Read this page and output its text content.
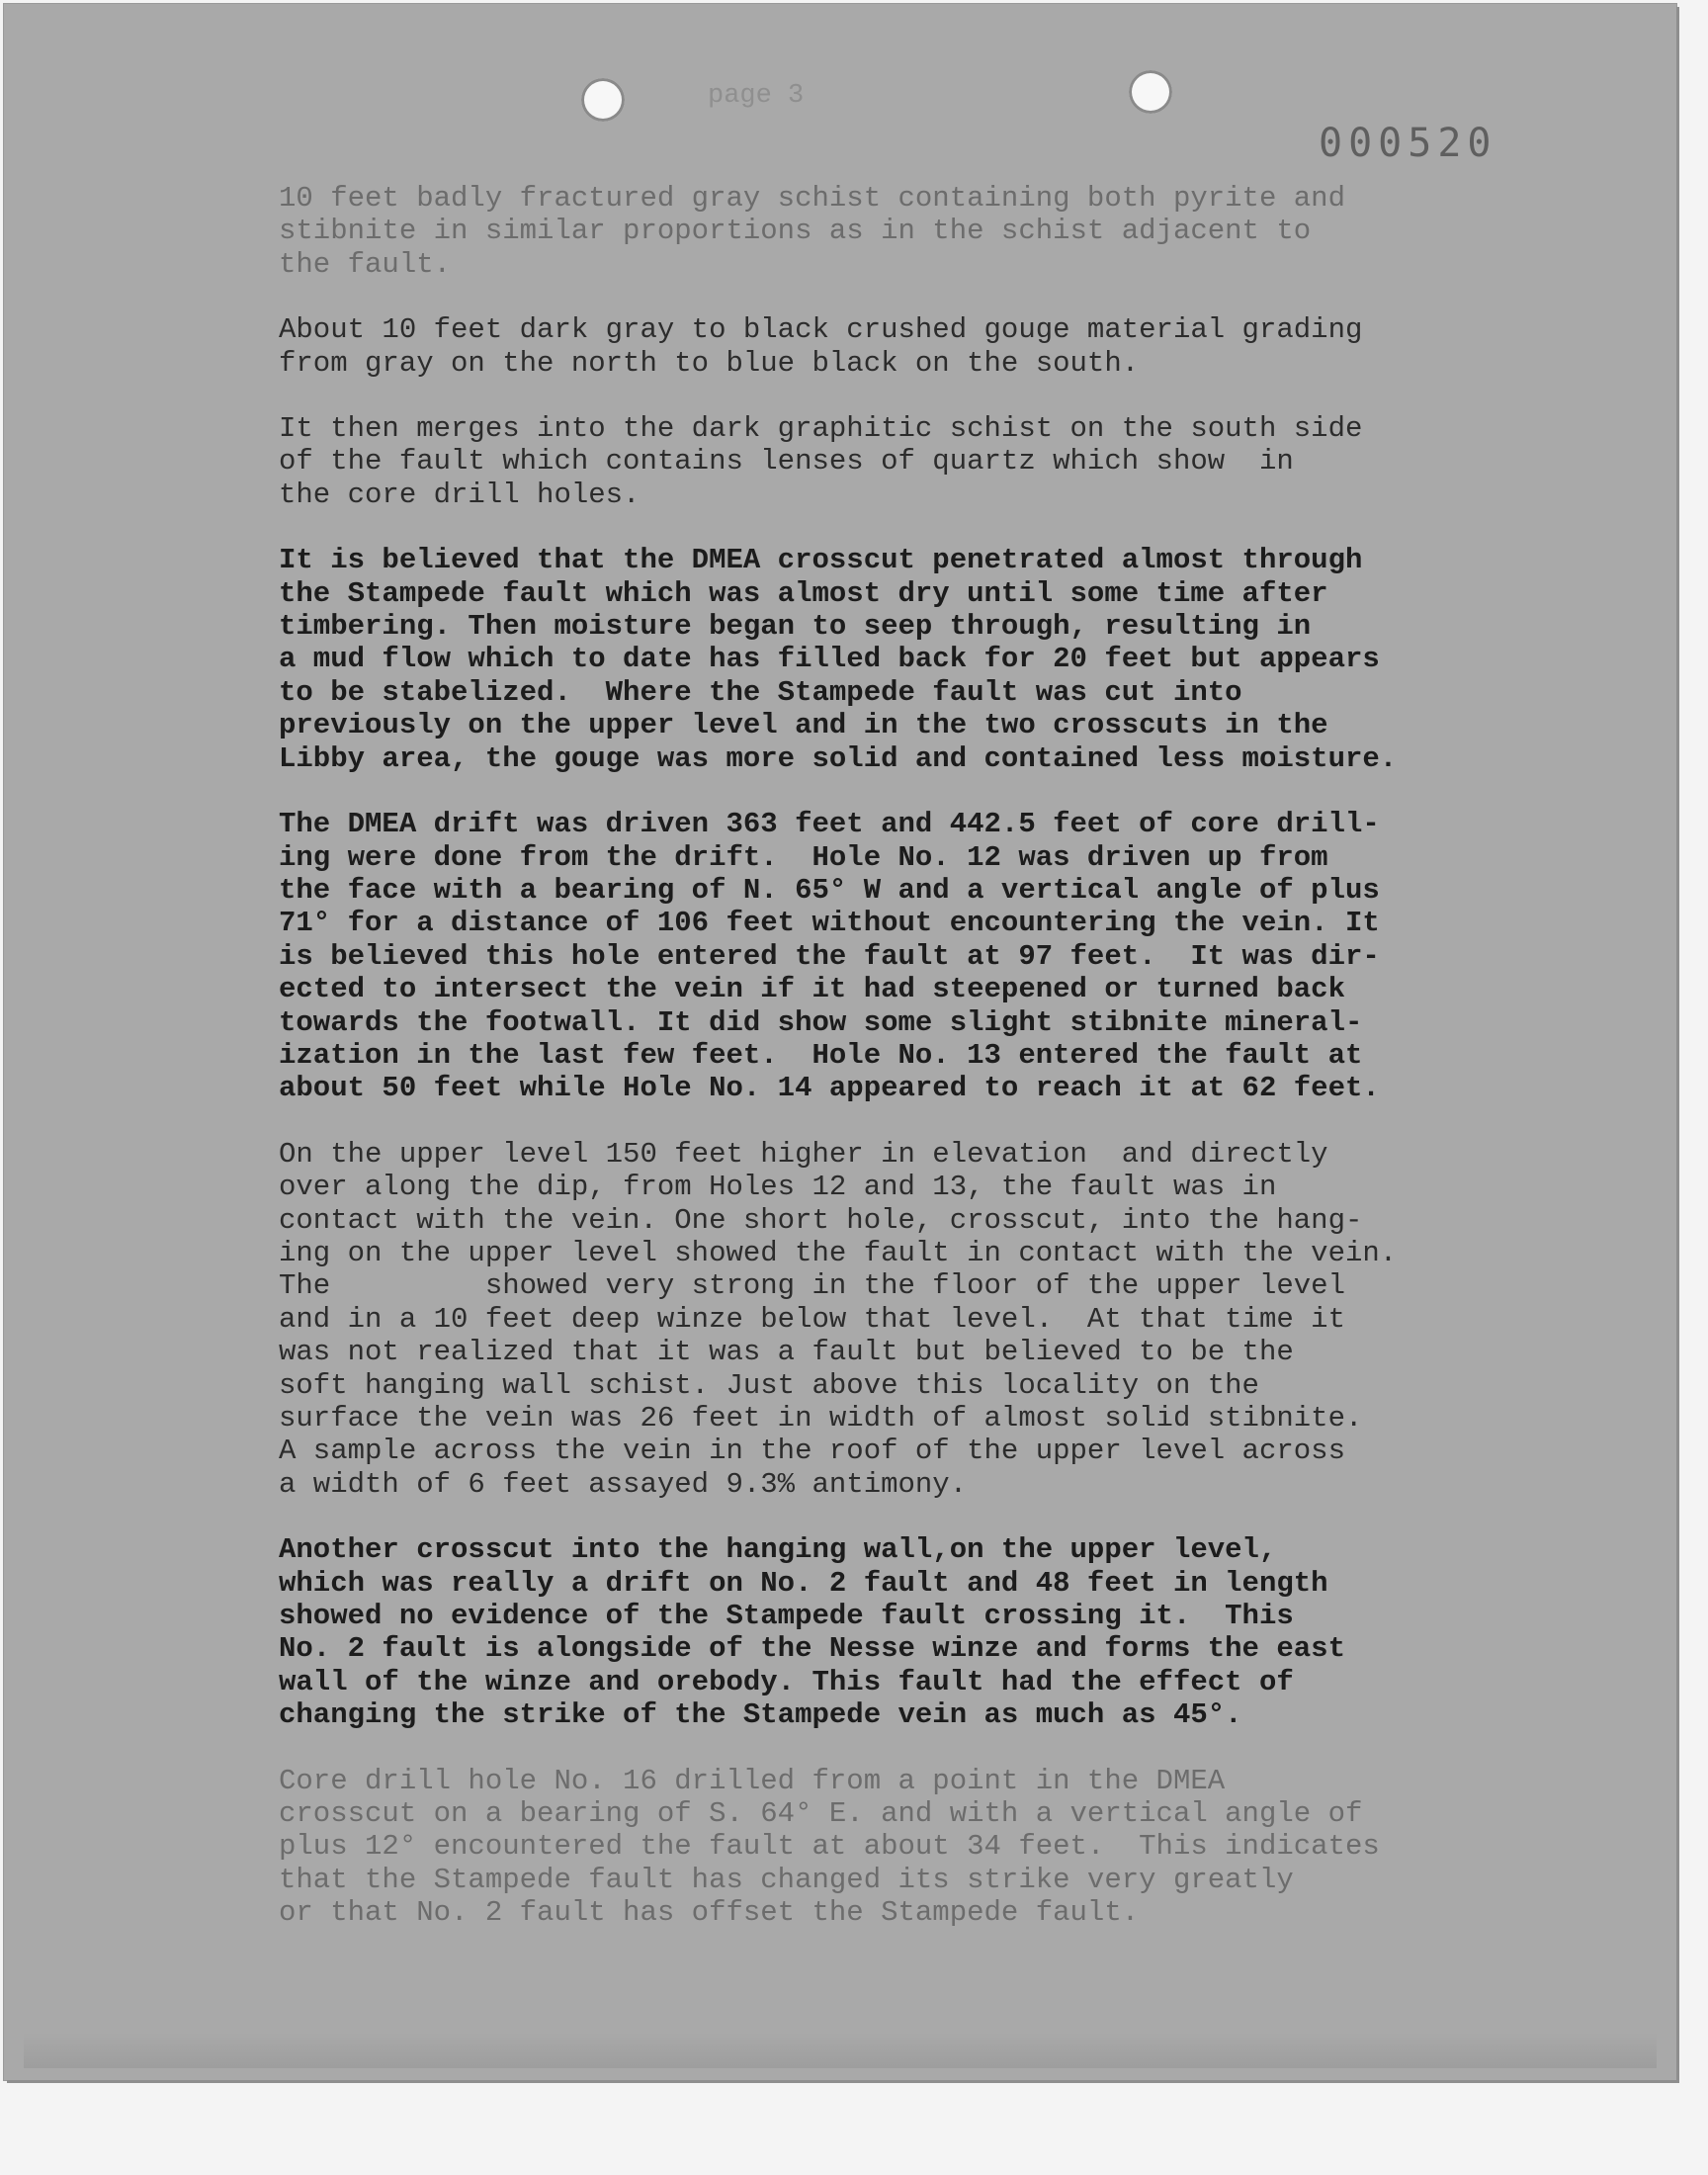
page 3
000520
10 feet badly fractured gray schist containing both pyrite and
stibnite in similar proportions as in the schist adjacent to
the fault.
About 10 feet dark gray to black crushed gouge material grading
from gray on the north to blue black on the south.
It then merges into the dark graphitic schist on the south side
of the fault which contains lenses of quartz which show  in
the core drill holes.
It is believed that the DMEA crosscut penetrated almost through
the Stampede fault which was almost dry until some time after
timbering. Then moisture began to seep through, resulting in
a mud flow which to date has filled back for 20 feet but appears
to be stabelized.  Where the Stampede fault was cut into
previously on the upper level and in the two crosscuts in the
Libby area, the gouge was more solid and contained less moisture.
The DMEA drift was driven 363 feet and 442.5 feet of core drill-
ing were done from the drift.  Hole No. 12 was driven up from
the face with a bearing of N. 65° W and a vertical angle of plus
71° for a distance of 106 feet without encountering the vein. It
is believed this hole entered the fault at 97 feet.  It was dir-
ected to intersect the vein if it had steepened or turned back
towards the footwall. It did show some slight stibnite mineral-
ization in the last few feet.  Hole No. 13 entered the fault at
about 50 feet while Hole No. 14 appeared to reach it at 62 feet.
On the upper level 150 feet higher in elevation  and directly
over along the dip, from Holes 12 and 13, the fault was in
contact with the vein. One short hole, crosscut, into the hang-
ing on the upper level showed the fault in contact with the vein.
The         showed very strong in the floor of the upper level
and in a 10 feet deep winze below that level.  At that time it
was not realized that it was a fault but believed to be the
soft hanging wall schist. Just above this locality on the
surface the vein was 26 feet in width of almost solid stibnite.
A sample across the vein in the roof of the upper level across
a width of 6 feet assayed 9.3% antimony.
Another crosscut into the hanging wall,on the upper level,
which was really a drift on No. 2 fault and 48 feet in length
showed no evidence of the Stampede fault crossing it.  This
No. 2 fault is alongside of the Nesse winze and forms the east
wall of the winze and orebody. This fault had the effect of
changing the strike of the Stampede vein as much as 45°.
Core drill hole No. 16 drilled from a point in the DMEA
crosscut on a bearing of S. 64° E. and with a vertical angle of
plus 12° encountered the fault at about 34 feet.  This indicates
that the Stampede fault has changed its strike very greatly
or that No. 2 fault has offset the Stampede fault.
